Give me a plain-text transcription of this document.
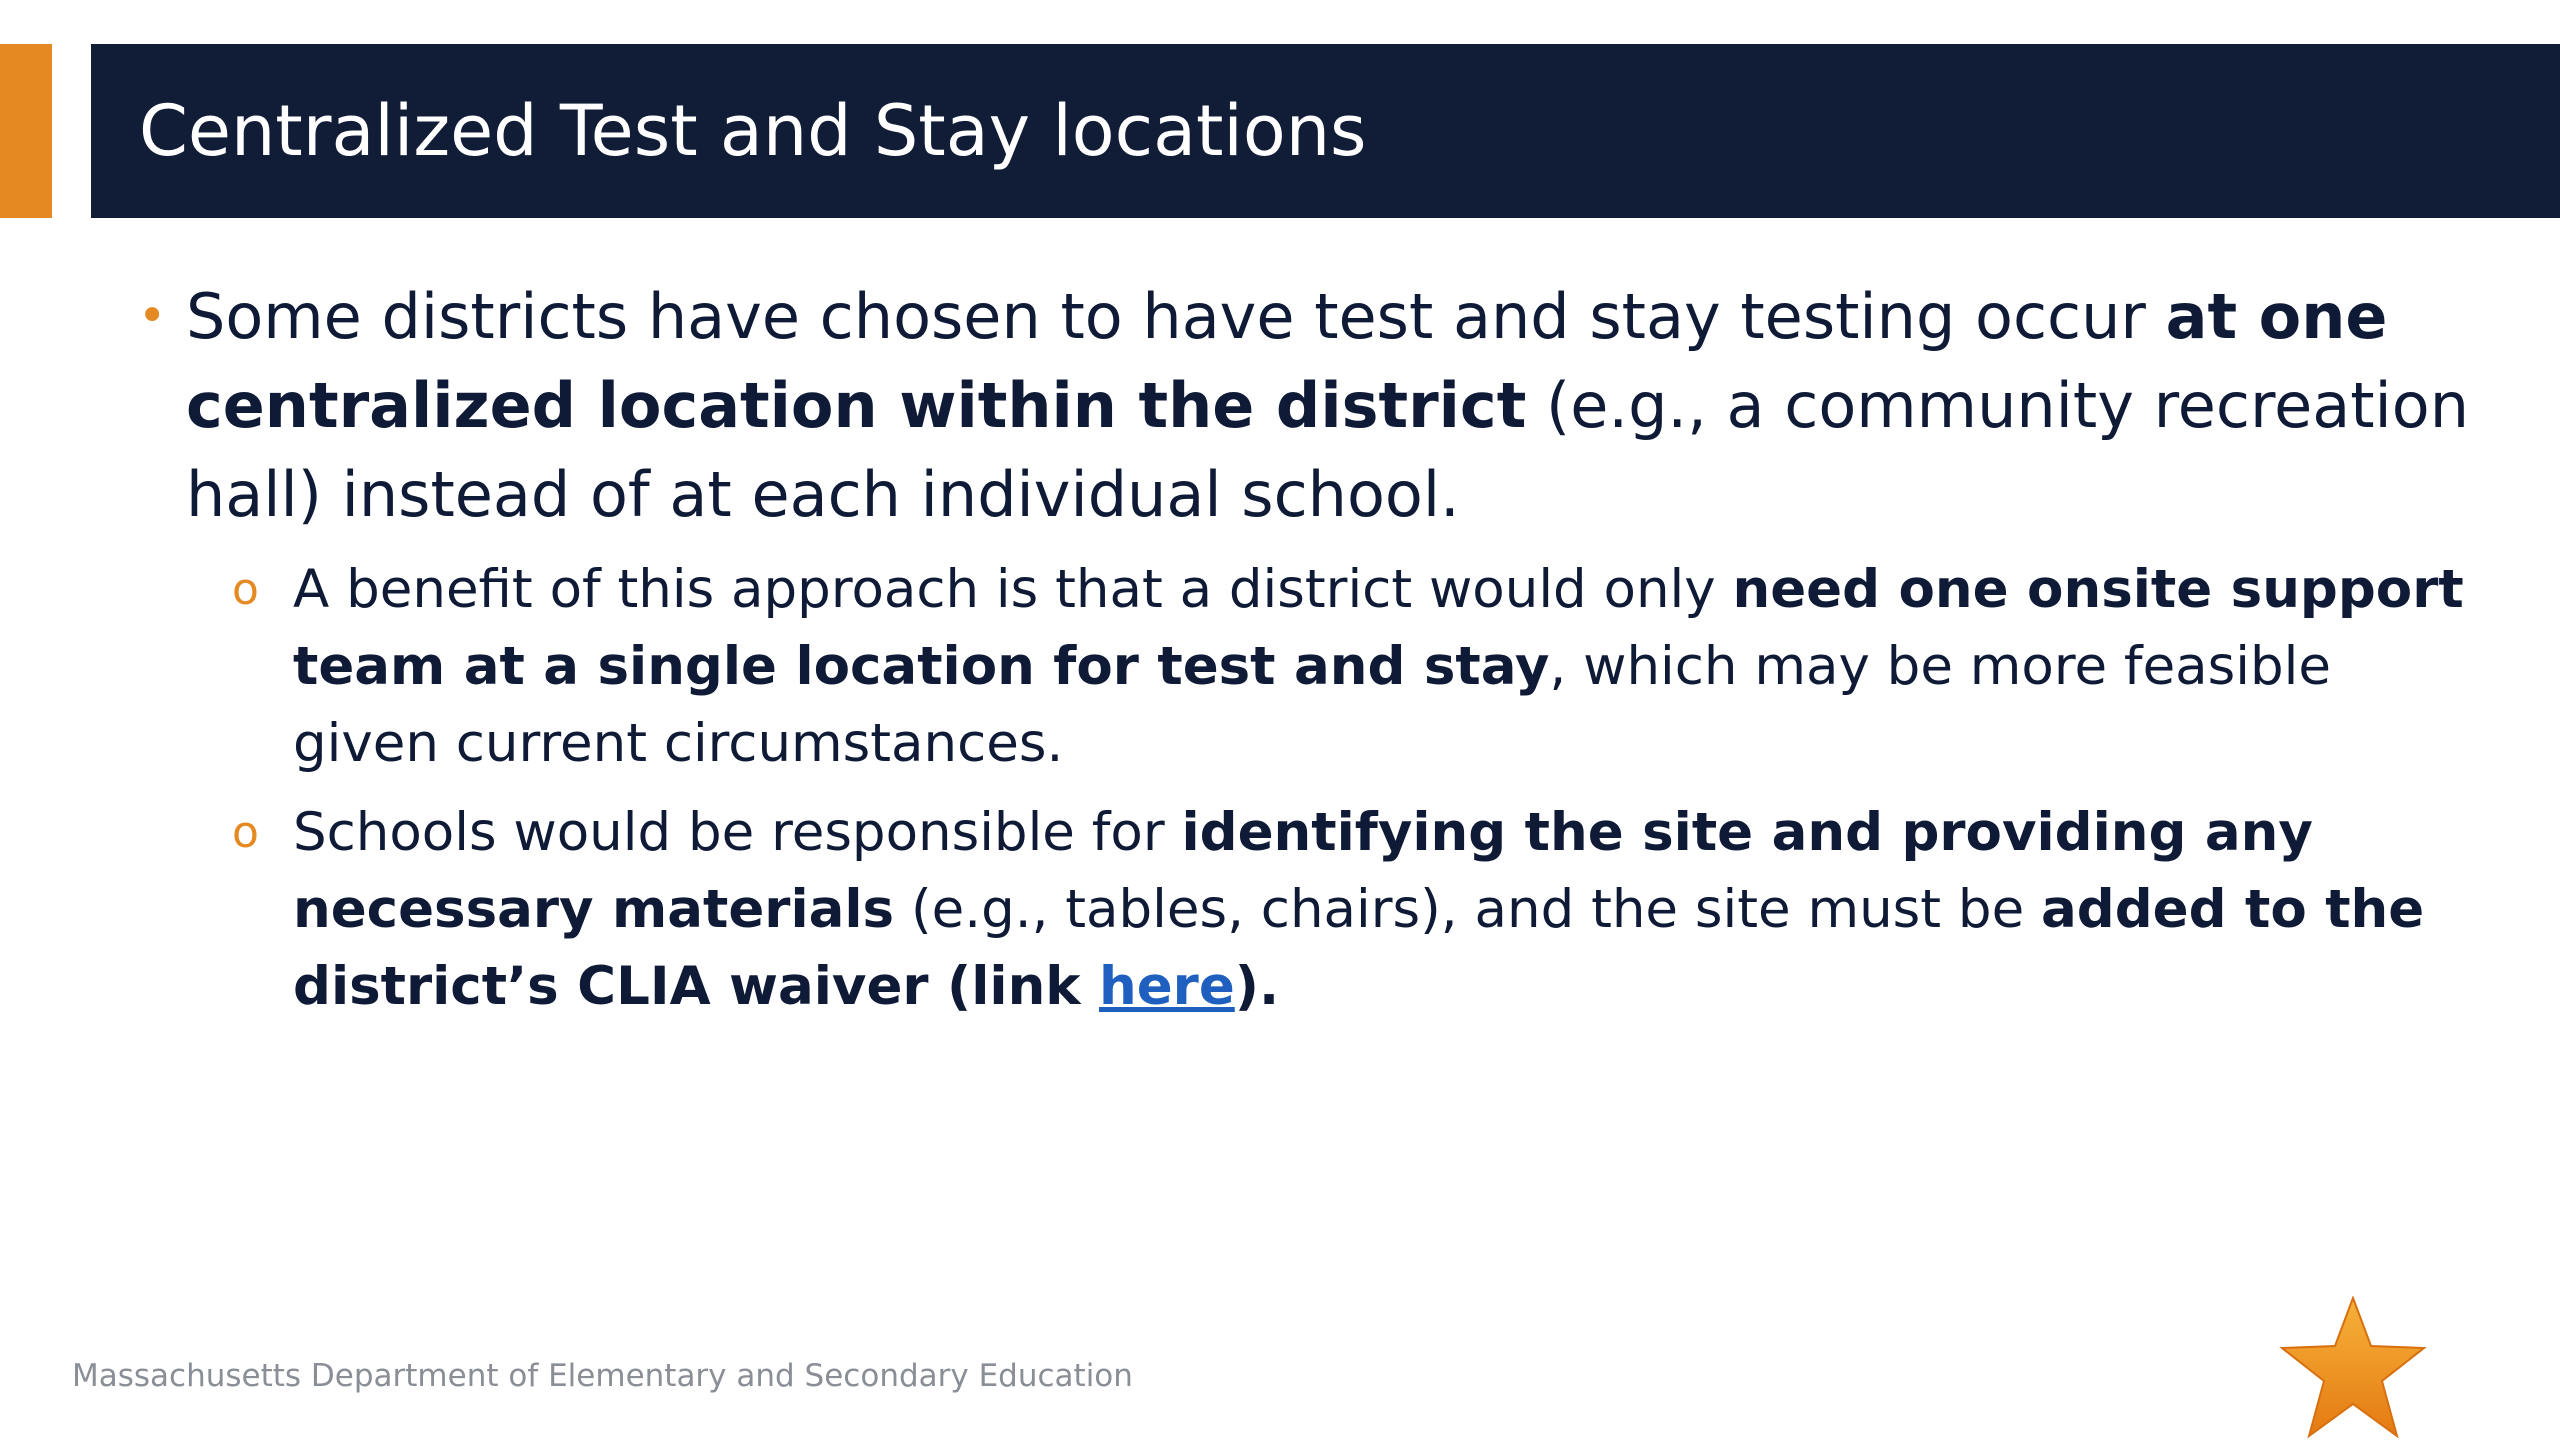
Centralized Test and Stay locations
• Some districts have chosen to have test and stay testing occur at one centralized location within the district (e.g., a community recreation hall) instead of at each individual school.
o A benefit of this approach is that a district would only need one onsite support team at a single location for test and stay, which may be more feasible given current circumstances.
o Schools would be responsible for identifying the site and providing any necessary materials (e.g., tables, chairs), and the site must be added to the district’s CLIA waiver (link here).
Massachusetts Department of Elementary and Secondary Education
